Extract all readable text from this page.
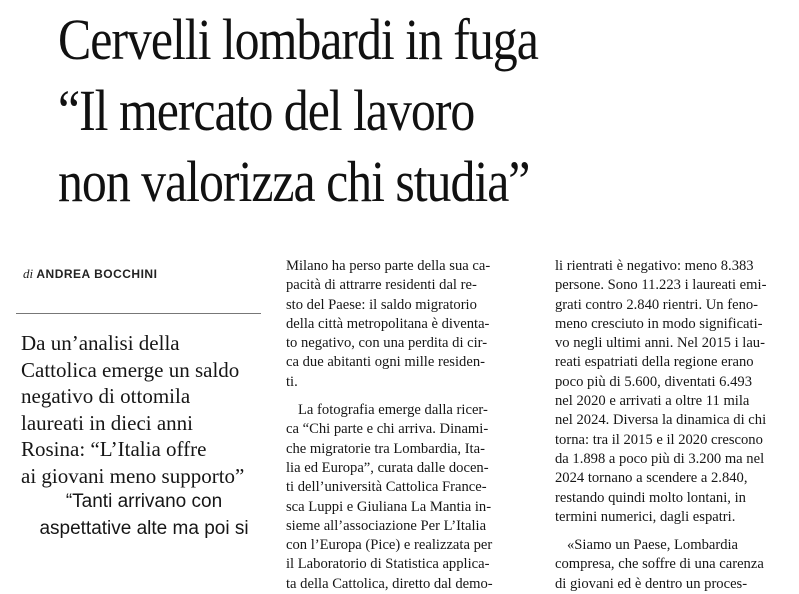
Cervelli lombardi in fuga
“Il mercato del lavoro
non valorizza chi studia”
di ANDREA BOCCHINI
Da un’analisi della
Cattolica emerge un saldo
negativo di ottomila
laureati in dieci anni
Rosina: “L’Italia offre
ai giovani meno supporto”
“Tanti arrivano con
aspettative alte ma poi si
Milano ha perso parte della sua ca-
pacità di attrarre residenti dal re-
sto del Paese: il saldo migratorio
della città metropolitana è diventa-
to negativo, con una perdita di cir-
ca due abitanti ogni mille residen-
ti.
La fotografia emerge dalla ricer-
ca “Chi parte e chi arriva. Dinami-
che migratorie tra Lombardia, Ita-
lia ed Europa”, curata dalle docen-
ti dell’università Cattolica France-
sca Luppi e Giuliana La Mantia in-
sieme all’associazione Per L’Italia
con l’Europa (Pice) e realizzata per
il Laboratorio di Statistica applica-
ta della Cattolica, diretto dal demo-
li rientrati è negativo: meno 8.383
persone. Sono 11.223 i laureati emi-
grati contro 2.840 rientri. Un feno-
meno cresciuto in modo significati-
vo negli ultimi anni. Nel 2015 i lau-
reati espatriati della regione erano
poco più di 5.600, diventati 6.493
nel 2020 e arrivati a oltre 11 mila
nel 2024. Diversa la dinamica di chi
torna: tra il 2015 e il 2020 crescono
da 1.898 a poco più di 3.200 ma nel
2024 tornano a scendere a 2.840,
restando quindi molto lontani, in
termini numerici, dagli espatri.
«Siamo un Paese, Lombardia
compresa, che soffre di una carenza
di giovani ed è dentro un proces-
